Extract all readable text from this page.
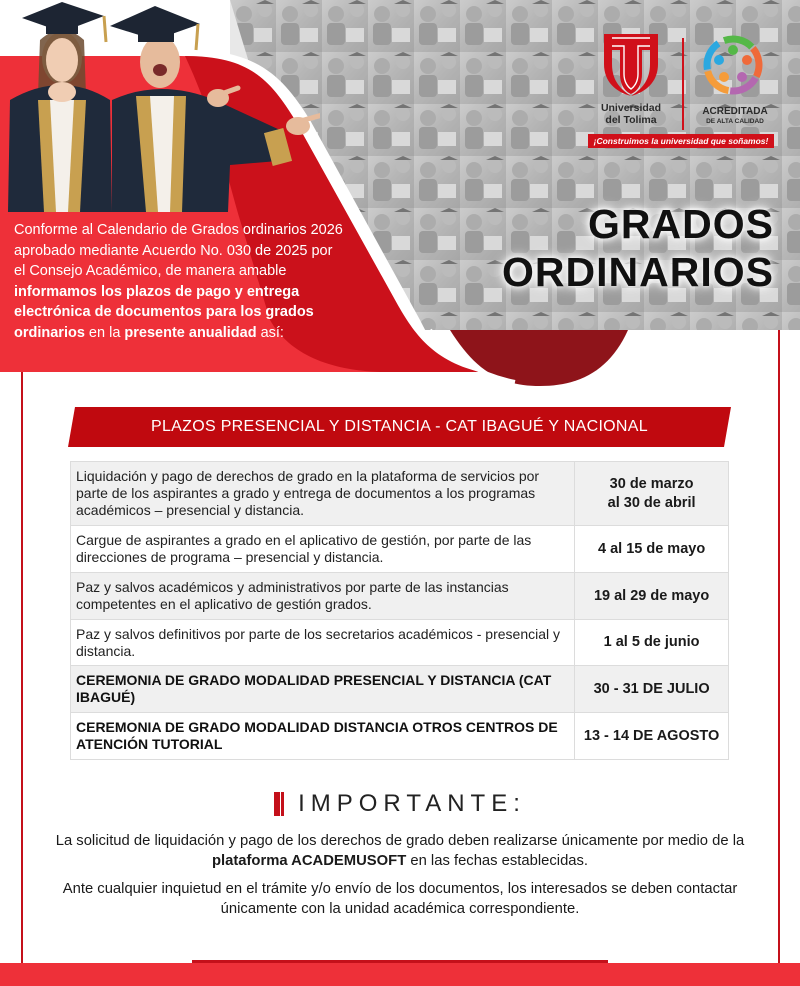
Universidad
del Tolima
ACREDITADA
DE ALTA CALIDAD
¡Construimos la universidad que soñamos!
GRADOS
ORDINARIOS
Conforme al Calendario de Grados ordinarios 2026 aprobado mediante Acuerdo No. 030 de 2025 por el Consejo Académico, de manera amable informamos los plazos de pago y entrega electrónica de documentos para los grados ordinarios en la presente anualidad así:
PLAZOS PRESENCIAL Y DISTANCIA - CAT IBAGUÉ Y NACIONAL
Liquidación y pago de derechos de grado en la plataforma de servicios por parte de los aspirantes a grado y entrega de documentos a los programas académicos – presencial y distancia.	30 de marzo
al 30 de abril

Cargue de aspirantes a grado en el aplicativo de gestión, por parte de las direcciones de programa – presencial y distancia.	4 al 15 de mayo
Paz y salvos académicos y administrativos por parte de las instancias competentes en el aplicativo de gestión grados.	19 al 29 de mayo
Paz y salvos definitivos por parte de los secretarios académicos - presencial y distancia.	1 al 5 de junio
CEREMONIA DE GRADO MODALIDAD PRESENCIAL Y DISTANCIA (CAT IBAGUÉ)	30 - 31 DE JULIO
CEREMONIA DE GRADO MODALIDAD DISTANCIA OTROS CENTROS DE ATENCIÓN TUTORIAL	13 - 14 DE AGOSTO
IMPORTANTE:
La solicitud de liquidación y pago de los derechos de grado deben realizarse únicamente por medio de la plataforma ACADEMUSOFT en las fechas establecidas.
Ante cualquier inquietud en el trámite y/o envío de los documentos, los interesados se deben contactar únicamente con la unidad académica correspondiente.
